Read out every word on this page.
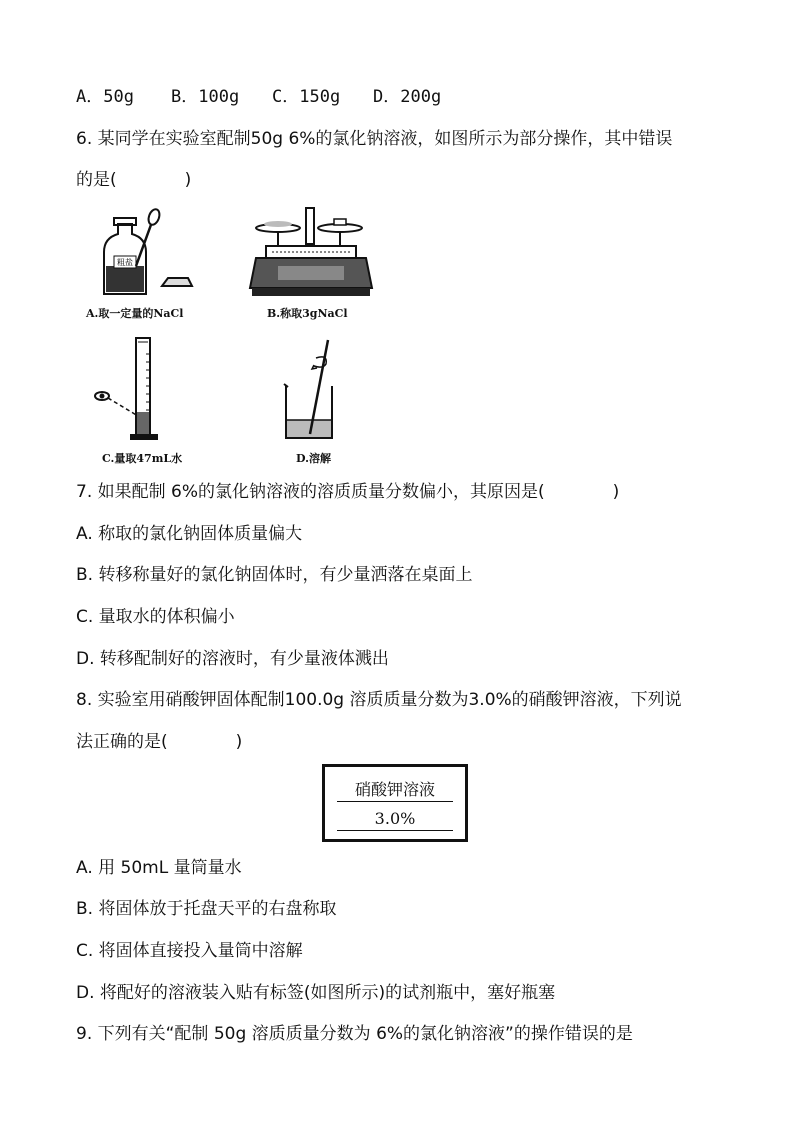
A．50g B．100g C．150g D．200g
6. 某同学在实验室配制50g 6%的氯化钠溶液，如图所示为部分操作，其中错误
的是(　　　　)
粗盐
A.取一定量的NaCl	B.称取3gNaCl
C.量取47mL水	D.溶解
7. 如果配制 6%的氯化钠溶液的溶质质量分数偏小，其原因是(　　　　)
A. 称取的氯化钠固体质量偏大
B. 转移称量好的氯化钠固体时，有少量洒落在桌面上
C. 量取水的体积偏小
D. 转移配制好的溶液时，有少量液体溅出
8. 实验室用硝酸钾固体配制100.0g 溶质质量分数为3.0%的硝酸钾溶液，下列说
法正确的是(　　　　)
硝酸钾溶液
3.0%
A. 用 50mL 量筒量水
B. 将固体放于托盘天平的右盘称取
C. 将固体直接投入量筒中溶解
D. 将配好的溶液装入贴有标签(如图所示)的试剂瓶中，塞好瓶塞
9. 下列有关“配制 50g 溶质质量分数为 6%的氯化钠溶液”的操作错误的是
